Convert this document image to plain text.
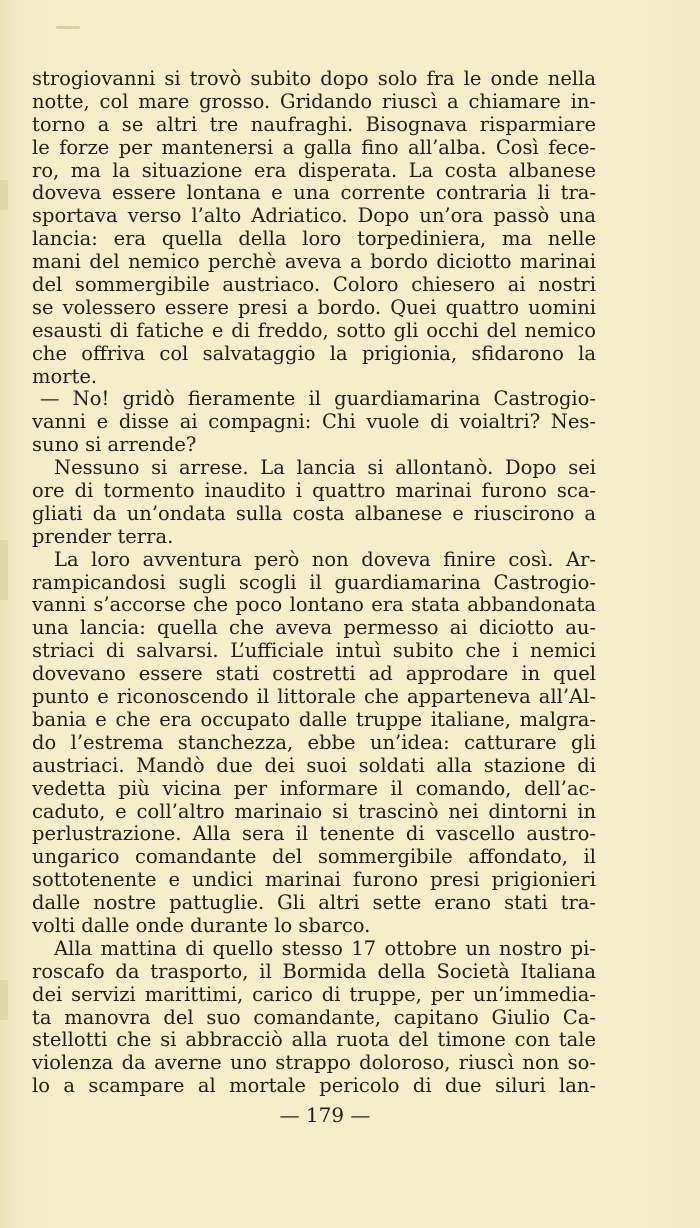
strogiovanni si trovò subito dopo solo fra le onde nella
notte, col mare grosso. Gridando riuscì a chiamare in-
torno a se altri tre naufraghi. Bisognava risparmiare
le forze per mantenersi a galla fino all’alba. Così fece-
ro, ma la situazione era disperata. La costa albanese
doveva essere lontana e una corrente contraria li tra-
sportava verso l’alto Adriatico. Dopo un’ora passò una
lancia: era quella della loro torpediniera, ma nelle
mani del nemico perchè aveva a bordo diciotto marinai
del sommergibile austriaco. Coloro chiesero ai nostri
se volessero essere presi a bordo. Quei quattro uomini
esausti di fatiche e di freddo, sotto gli occhi del nemico
che offriva col salvataggio la prigionia, sfidarono la
morte.
— No! gridò fieramente il guardiamarina Castrogio-
vanni e disse ai compagni: Chi vuole di voialtri? Nes-
suno si arrende?
Nessuno si arrese. La lancia si allontanò. Dopo sei
ore di tormento inaudito i quattro marinai furono sca-
gliati da un’ondata sulla costa albanese e riuscirono a
prender terra.
La loro avventura però non doveva finire così. Ar-
rampicandosi sugli scogli il guardiamarina Castrogio-
vanni s’accorse che poco lontano era stata abbandonata
una lancia: quella che aveva permesso ai diciotto au-
striaci di salvarsi. L’ufficiale intuì subito che i nemici
dovevano essere stati costretti ad approdare in quel
punto e riconoscendo il littorale che apparteneva all’Al-
bania e che era occupato dalle truppe italiane, malgra-
do l’estrema stanchezza, ebbe un’idea: catturare gli
austriaci. Mandò due dei suoi soldati alla stazione di
vedetta più vicina per informare il comando, dell’ac-
caduto, e coll’altro marinaio si trascinò nei dintorni in
perlustrazione. Alla sera il tenente di vascello austro-
ungarico comandante del sommergibile affondato, il
sottotenente e undici marinai furono presi prigionieri
dalle nostre pattuglie. Gli altri sette erano stati tra-
volti dalle onde durante lo sbarco.
Alla mattina di quello stesso 17 ottobre un nostro pi-
roscafo da trasporto, il Bormida della Società Italiana
dei servizi marittimi, carico di truppe, per un’immedia-
ta manovra del suo comandante, capitano Giulio Ca-
stellotti che si abbracciò alla ruota del timone con tale
violenza da averne uno strappo doloroso, riuscì non so-
lo a scampare al mortale pericolo di due siluri lan-
— 179 —
